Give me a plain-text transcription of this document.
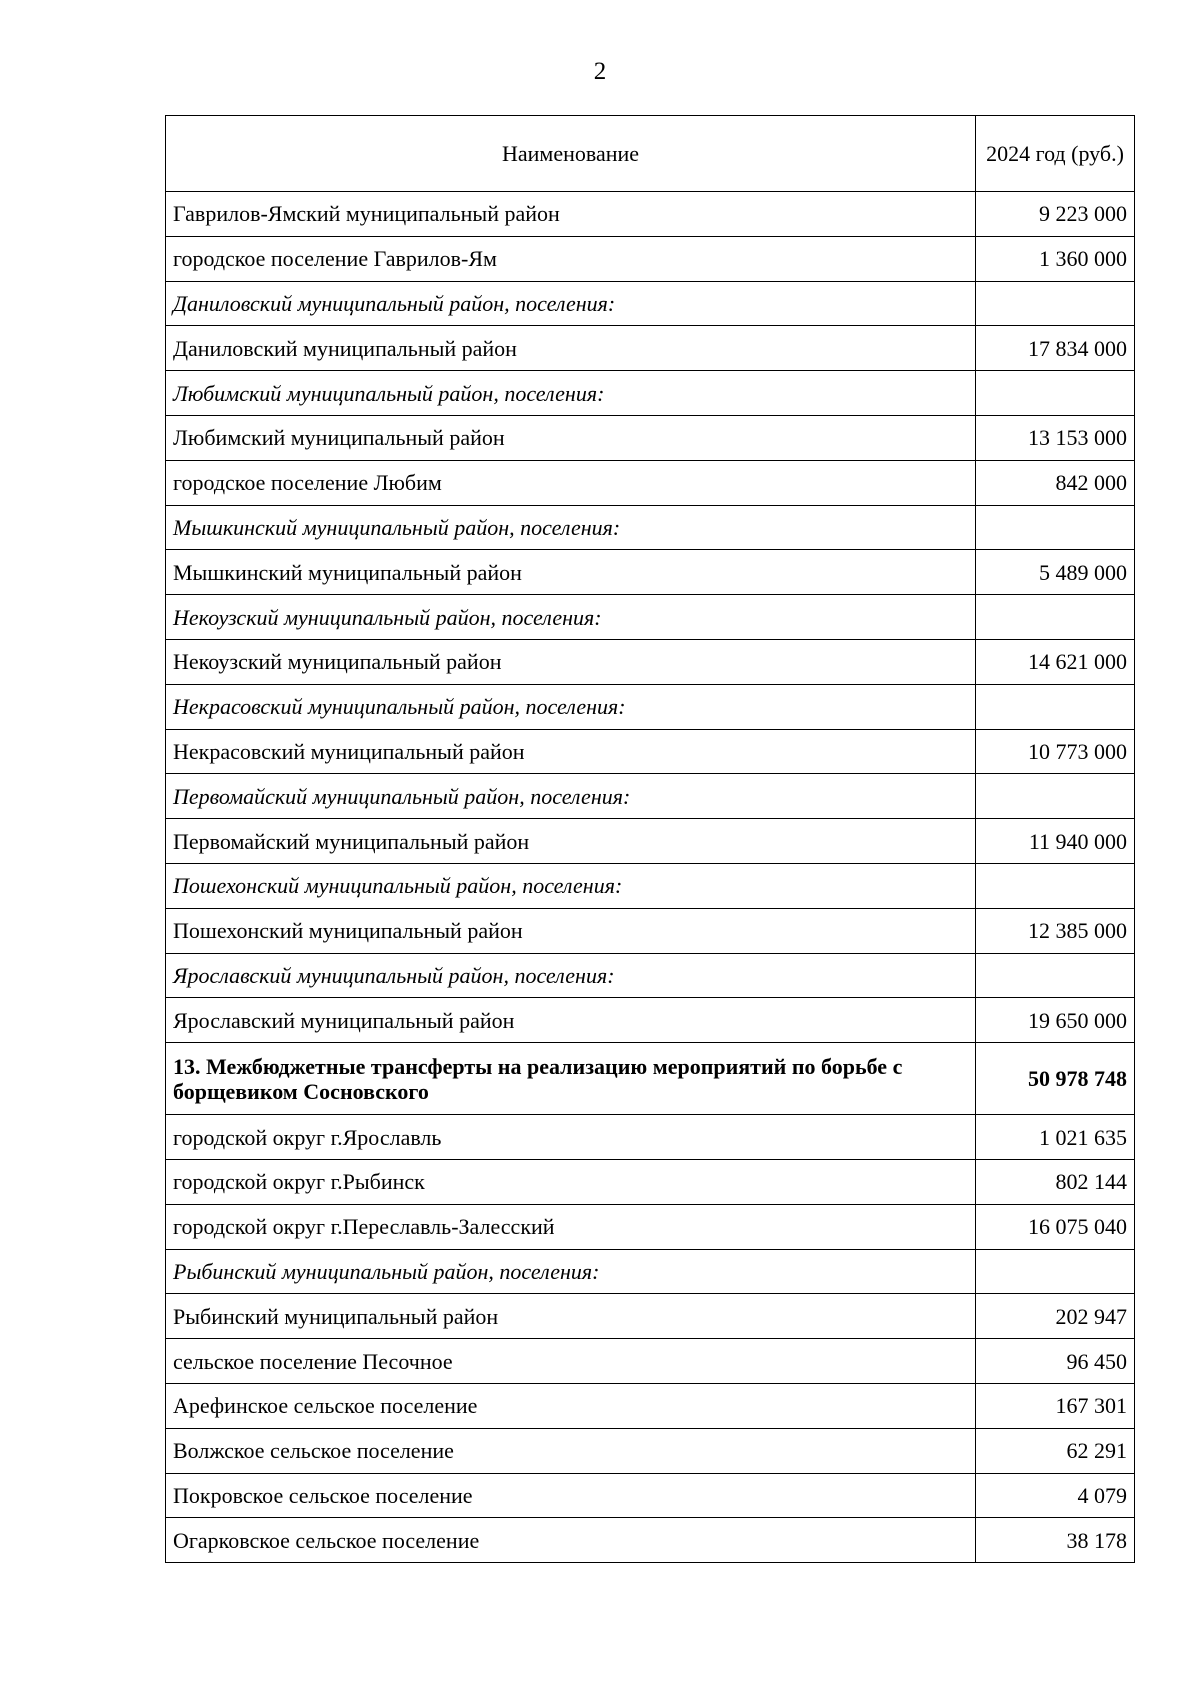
2
Наименование	2024 год (руб.)
Гаврилов-Ямский муниципальный район	9 223 000
городское поселение Гаврилов-Ям	1 360 000
Даниловский муниципальный район, поселения:	
Даниловский муниципальный район	17 834 000
Любимский муниципальный район, поселения:	
Любимский муниципальный район	13 153 000
городское поселение Любим	842 000
Мышкинский муниципальный район, поселения:	
Мышкинский муниципальный район	5 489 000
Некоузский муниципальный район, поселения:	
Некоузский муниципальный район	14 621 000
Некрасовский муниципальный район, поселения:	
Некрасовский муниципальный район	10 773 000
Первомайский муниципальный район, поселения:	
Первомайский муниципальный район	11 940 000
Пошехонский муниципальный район, поселения:	
Пошехонский муниципальный район	12 385 000
Ярославский муниципальный район, поселения:	
Ярославский муниципальный район	19 650 000
13. Межбюджетные трансферты на реализацию мероприятий по борьбе с борщевиком Сосновского	50 978 748
городской округ г.Ярославль	1 021 635
городской округ г.Рыбинск	802 144
городской округ г.Переславль-Залесский	16 075 040
Рыбинский муниципальный район, поселения:	
Рыбинский муниципальный район	202 947
сельское поселение Песочное	96 450
Арефинское сельское поселение	167 301
Волжское сельское поселение	62 291
Покровское сельское поселение	4 079
Огарковское сельское поселение	38 178
